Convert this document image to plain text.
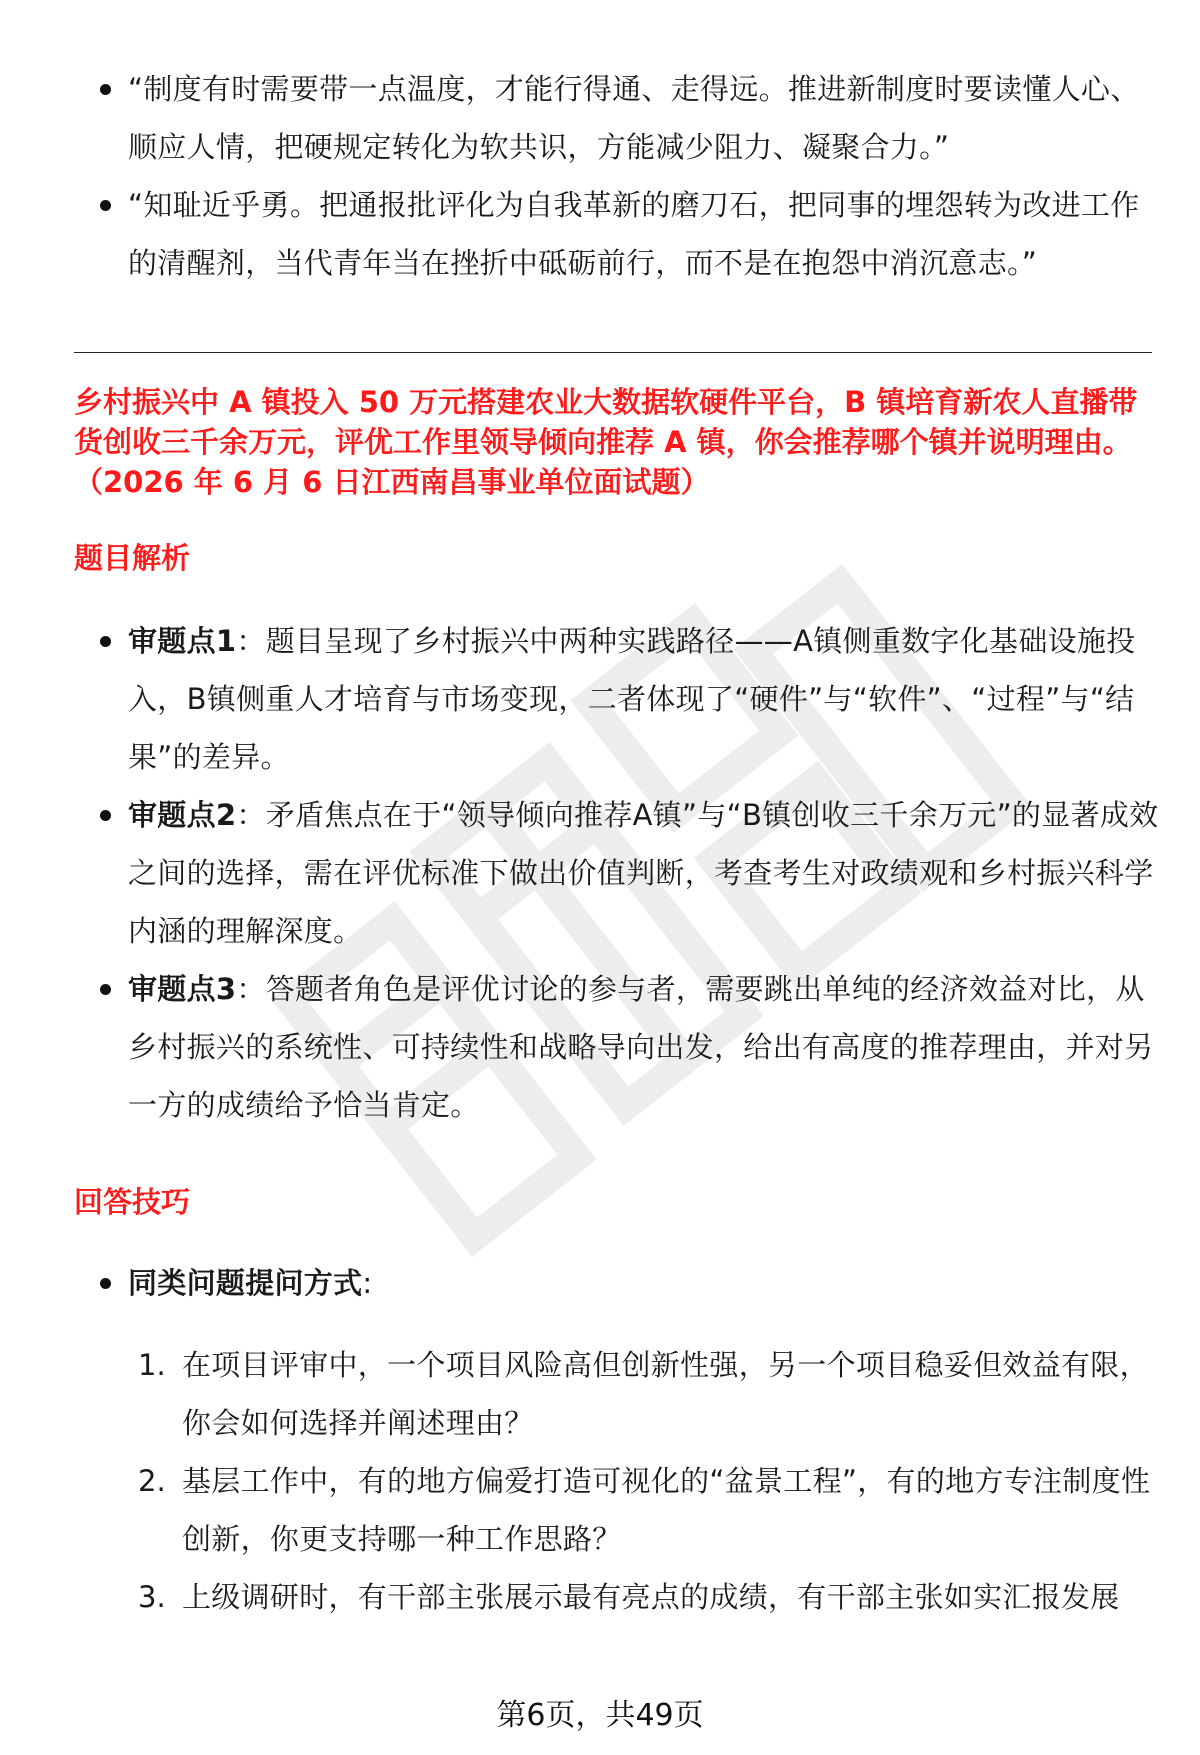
“制度有时需要带一点温度，才能行得通、走得远。推进新制度时要读懂人心、顺应人情，把硬规定转化为软共识，方能减少阻力、凝聚合力。”
“知耻近乎勇。把通报批评化为自我革新的磨刀石，把同事的埋怨转为改进工作的清醒剂，当代青年当在挫折中砥砺前行，而不是在抱怨中消沉意志。”
乡村振兴中 A 镇投入 50 万元搭建农业大数据软硬件平台，B 镇培育新农人直播带
货创收三千余万元，评优工作里领导倾向推荐 A 镇，你会推荐哪个镇并说明理由。
（2026 年 6 月 6 日江西南昌事业单位面试题）
题目解析
审题点1：题目呈现了乡村振兴中两种实践路径——A镇侧重数字化基础设施投入，B镇侧重人才培育与市场变现，二者体现了“硬件”与“软件”、“过程”与“结果”的差异。
审题点2：矛盾焦点在于“领导倾向推荐A镇”与“B镇创收三千余万元”的显著成效之间的选择，需在评优标准下做出价值判断，考查考生对政绩观和乡村振兴科学内涵的理解深度。
审题点3：答题者角色是评优讨论的参与者，需要跳出单纯的经济效益对比，从乡村振兴的系统性、可持续性和战略导向出发，给出有高度的推荐理由，并对另一方的成绩给予恰当肯定。
回答技巧
同类问题提问方式:
1. 在项目评审中，一个项目风险高但创新性强，另一个项目稳妥但效益有限，你会如何选择并阐述理由？
2. 基层工作中，有的地方偏爱打造可视化的“盆景工程”，有的地方专注制度性创新，你更支持哪一种工作思路？
3. 上级调研时，有干部主张展示最有亮点的成绩，有干部主张如实汇报发展
第6页，共49页
